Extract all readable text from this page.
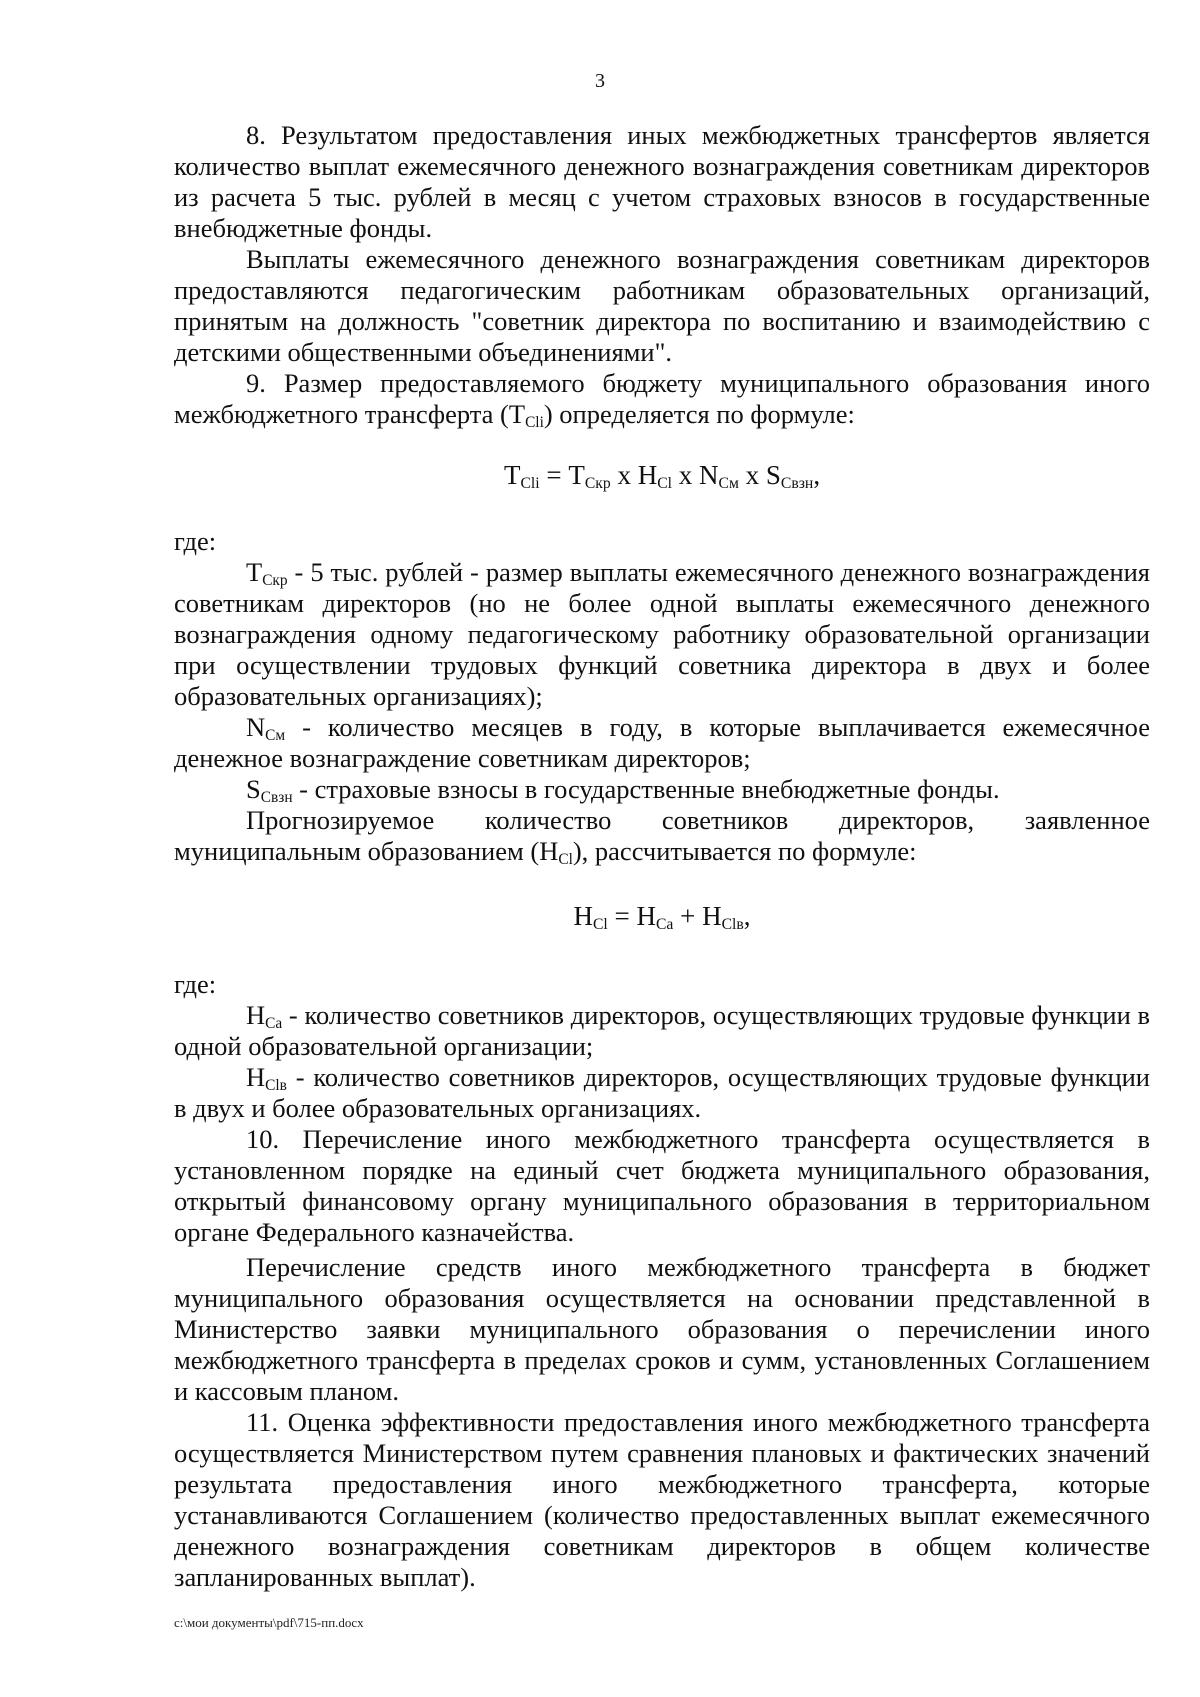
3

8. Результатом предоставления иных межбюджетных трансфертов является количество выплат ежемесячного денежного вознаграждения советникам директоров из расчета 5 тыс. рублей в месяц с учетом страховых взносов в государственные внебюджетные фонды.

Выплаты ежемесячного денежного вознаграждения советникам директоров предоставляются педагогическим работникам образовательных организаций, принятым на должность "советник директора по воспитанию и взаимодействию с детскими общественными объединениями".

9. Размер предоставляемого бюджету муниципального образования иного межбюджетного трансферта $(Т_{Сli})$ определяется по формуле:

$Т_{Сli} = Т_{Скр}$ x $Н_{Сl}$ x $N_{См}$ x $S_{Свзн}$,

где:

$Т_{Скр} - 5$ тыс. рублей - размер выплаты ежемесячного денежного вознаграждения советникам директоров (но не более одной выплаты ежемесячного денежного вознаграждения одному педагогическому работнику образовательной организации при осуществлении трудовых функций советника директора в двух и более образовательных организациях);

$N_{См}$ - количество месяцев в году, в которые выплачивается ежемесячное денежное вознаграждение советникам директоров;

$S_{Свзн}$ - страховые взносы в государственные внебюджетные фонды.

Прогнозируемое количество советников директоров, заявленное муниципальным образованием $(Н_{Сl})$, рассчитывается по формуле:

$Н_{Сl} = Н_{Са} + Н_{Сlв}$,

где:

$Н_{Са}$ - количество советников директоров, осуществляющих трудовые функции в одной образовательной организации;

$Н_{Сlв}$ - количество советников директоров, осуществляющих трудовые функции в двух и более образовательных организациях.

10. Перечисление иного межбюджетного трансферта осуществляется в установленном порядке на единый счет бюджета муниципального образования, открытый финансовому органу муниципального образования в территориальном органе Федерального казначейства.

Перечисление средств иного межбюджетного трансферта в бюджет муниципального образования осуществляется на основании представленной в Министерство заявки муниципального образования о перечислении иного межбюджетного трансферта в пределах сроков и сумм, установленных Соглашением и кассовым планом.

11. Оценка эффективности предоставления иного межбюджетного трансферта осуществляется Министерством путем сравнения плановых и фактических значений результата предоставления иного межбюджетного трансферта, которые устанавливаются Соглашением (количество предоставленных выплат ежемесячного денежного вознаграждения советникам директоров в общем количестве запланированных выплат).

c:\мои документы\pdf\715-пп.docx
